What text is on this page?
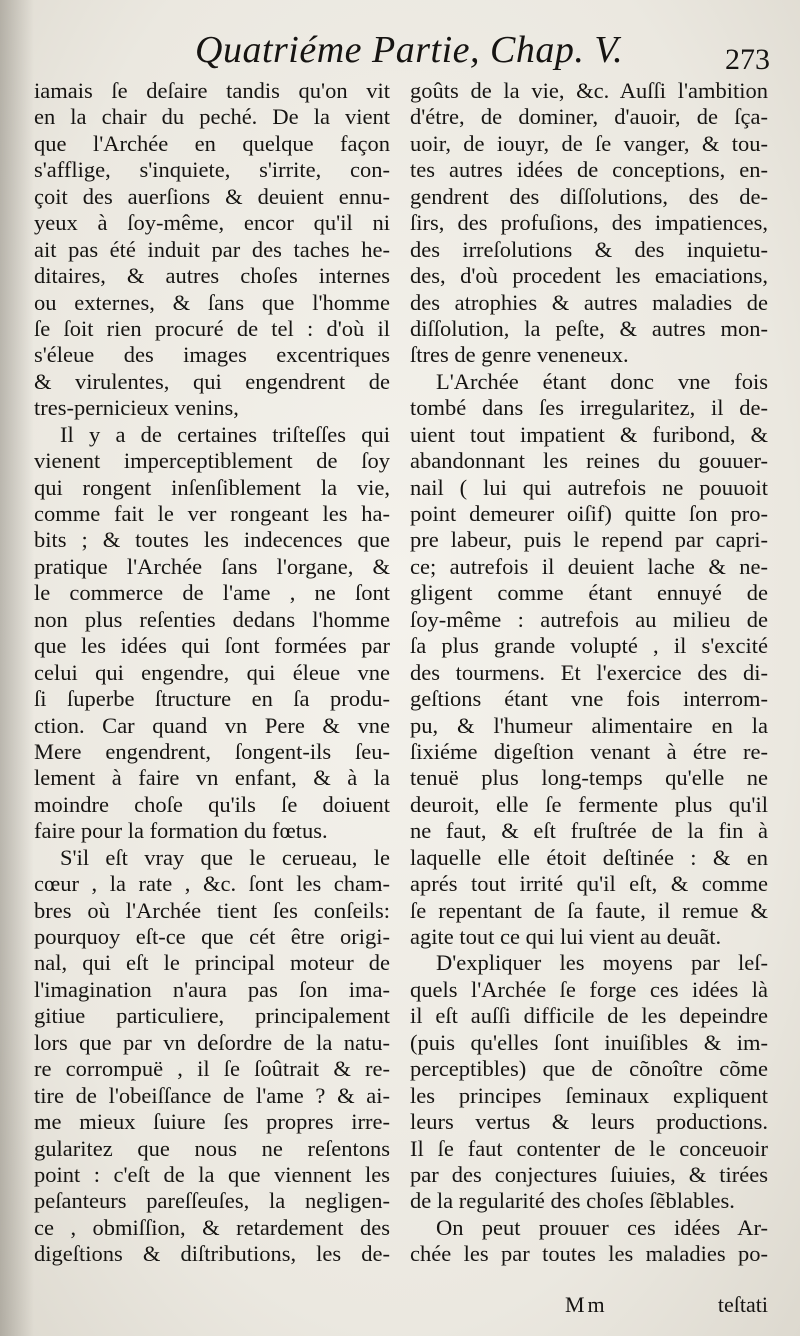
Quatriéme Partie, Chap. V.	273
iamais ſe deſaire tandis qu'on vit
en la chair du peché. De la vient
que l'Archée en quelque façon
s'afflige, s'inquiete, s'irrite, con-
çoit des auerſions & deuient ennu-
yeux à ſoy-même, encor qu'il ni
ait pas été induit par des taches he-
ditaires, & autres choſes internes
ou externes, & ſans que l'homme
ſe ſoit rien procuré de tel : d'où il
s'éleue des images excentriques
& virulentes, qui engendrent de
tres-pernicieux venins,
Il y a de certaines triſteſſes qui
vienent imperceptiblement de ſoy
qui rongent inſenſiblement la vie,
comme fait le ver rongeant les ha-
bits ; & toutes les indecences que
pratique l'Archée ſans l'organe, &
le commerce de l'ame , ne ſont
non plus reſenties dedans l'homme
que les idées qui ſont formées par
celui qui engendre, qui éleue vne
ſi ſuperbe ſtructure en ſa produ-
ction. Car quand vn Pere & vne
Mere engendrent, ſongent-ils ſeu-
lement à faire vn enfant, & à la
moindre choſe qu'ils ſe doiuent
faire pour la formation du fœtus.
S'il eſt vray que le cerueau, le
cœur , la rate , &c. ſont les cham-
bres où l'Archée tient ſes conſeils:
pourquoy eſt-ce que cét être origi-
nal, qui eſt le principal moteur de
l'imagination n'aura pas ſon ima-
gitiue particuliere, principalement
lors que par vn deſordre de la natu-
re corrompuë , il ſe ſoûtrait & re-
tire de l'obeiſſance de l'ame ? & ai-
me mieux ſuiure ſes propres irre-
gularitez que nous ne reſentons
point : c'eſt de la que viennent les
peſanteurs pareſſeuſes, la negligen-
ce , obmiſſion, & retardement des
digeſtions & diſtributions, les de-
goûts de la vie, &c. Auſſi l'ambition
d'étre, de dominer, d'auoir, de ſça-
uoir, de iouyr, de ſe vanger, & tou-
tes autres idées de conceptions, en-
gendrent des diſſolutions, des de-
ſirs, des profuſions, des impatiences,
des irreſolutions & des inquietu-
des, d'où procedent les emaciations,
des atrophies & autres maladies de
diſſolution, la peſte, & autres mon-
ſtres de genre veneneux.
L'Archée étant donc vne fois
tombé dans ſes irregularitez, il de-
uient tout impatient & furibond, &
abandonnant les reines du gouuer-
nail ( lui qui autrefois ne pouuoit
point demeurer oiſif) quitte ſon pro-
pre labeur, puis le repend par capri-
ce; autrefois il deuient lache & ne-
gligent comme étant ennuyé de
ſoy-même : autrefois au milieu de
ſa plus grande volupté , il s'excité
des tourmens. Et l'exercice des di-
geſtions étant vne fois interrom-
pu, & l'humeur alimentaire en la
ſixiéme digeſtion venant à étre re-
tenuë plus long-temps qu'elle ne
deuroit, elle ſe fermente plus qu'il
ne faut, & eſt fruſtrée de la fin à
laquelle elle étoit deſtinée : & en
aprés tout irrité qu'il eſt, & comme
ſe repentant de ſa faute, il remue &
agite tout ce qui lui vient au deuãt.
D'expliquer les moyens par leſ-
quels l'Archée ſe forge ces idées là
il eſt auſſi difficile de les depeindre
(puis qu'elles ſont inuiſibles & im-
perceptibles) que de cõnoître cõme
les principes ſeminaux expliquent
leurs vertus & leurs productions.
Il ſe faut contenter de le conceuoir
par des conjectures ſuiuies, & tirées
de la regularité des choſes ſẽblables.
On peut prouuer ces idées Ar-
chée les par toutes les maladies po-
Mm	teſtati
